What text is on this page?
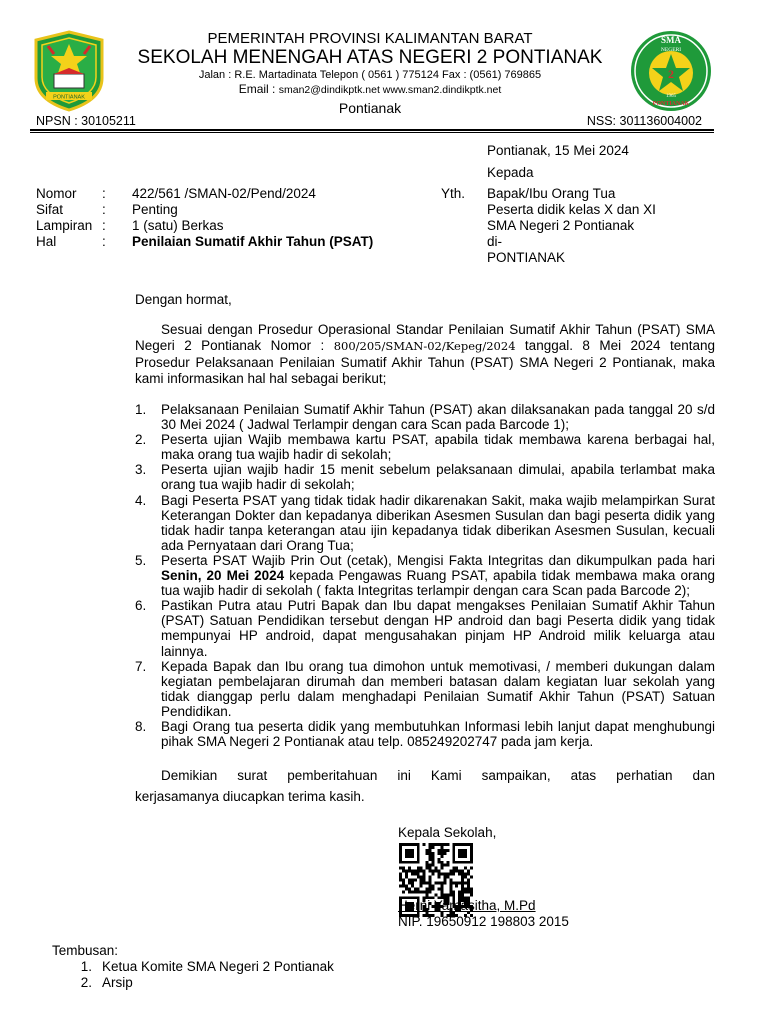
PONTIANAK
PEMERINTAH PROVINSI KALIMANTAN BARAT
SEKOLAH MENENGAH ATAS NEGERI 2 PONTIANAK
Jalan : R.E. Martadinata Telepon ( 0561 ) 775124 Fax : (0561) 769865
Email : sman2@dindikptk.net www.sman2.dindikptk.net
Pontianak
SMA
NEGERI
2
1965
PONTIANAK
NPSN : 30105211	NSS: 301136004002
Pontianak, 15 Mei 2024
Kepada
Nomor	:	422/561 /SMAN-02/Pend/2024
Sifat	:	Penting
Lampiran :	1 (satu) Berkas
Hal	:	Penilaian Sumatif Akhir Tahun (PSAT)
Yth. Bapak/Ibu Orang Tua
Peserta didik kelas X dan XI
SMA Negeri 2 Pontianak
di-
PONTIANAK
Dengan hormat,
Sesuai dengan Prosedur Operasional Standar Penilaian Sumatif Akhir Tahun (PSAT) SMA Negeri 2 Pontianak Nomor : 800/205/SMAN-02/Kepeg/2024 tanggal. 8 Mei 2024 tentang Prosedur Pelaksanaan Penilaian Sumatif Akhir Tahun (PSAT) SMA Negeri 2 Pontianak, maka kami informasikan hal hal sebagai berikut;
1.	Pelaksanaan Penilaian Sumatif Akhir Tahun (PSAT) akan dilaksanakan pada tanggal 20 s/d 30 Mei 2024 ( Jadwal Terlampir dengan cara Scan pada Barcode 1);
2.	Peserta ujian Wajib membawa kartu PSAT, apabila tidak membawa karena berbagai hal, maka orang tua wajib hadir di sekolah;
3.	Peserta ujian wajib hadir 15 menit sebelum pelaksanaan dimulai, apabila terlambat maka orang tua wajib hadir di sekolah;
4.	Bagi Peserta PSAT yang tidak tidak hadir dikarenakan Sakit, maka wajib melampirkan Surat Keterangan Dokter dan kepadanya diberikan Asesmen Susulan dan bagi peserta didik yang tidak hadir tanpa keterangan atau ijin kepadanya tidak diberikan Asesmen Susulan, kecuali ada Pernyataan dari Orang Tua;
5.	Peserta PSAT Wajib Prin Out (cetak), Mengisi Fakta Integritas dan dikumpulkan pada hari Senin, 20 Mei 2024 kepada Pengawas Ruang PSAT, apabila tidak membawa maka orang tua wajib hadir di sekolah ( fakta Integritas terlampir dengan cara Scan pada Barcode 2);
6.	Pastikan Putra atau Putri Bapak dan Ibu dapat mengakses Penilaian Sumatif Akhir Tahun (PSAT) Satuan Pendidikan tersebut dengan HP android dan bagi Peserta didik yang tidak mempunyai HP android, dapat mengusahakan pinjam HP Android milik keluarga atau lainnya.
7.	Kepada Bapak dan Ibu orang tua dimohon untuk memotivasi, / memberi dukungan dalam kegiatan pembelajaran dirumah dan memberi batasan dalam kegiatan luar sekolah yang tidak dianggap perlu dalam menghadapi Penilaian Sumatif Akhir Tahun (PSAT) Satuan Pendidikan.
8.	Bagi Orang tua peserta didik yang membutuhkan Informasi lebih lanjut dapat menghubungi pihak SMA Negeri 2 Pontianak atau telp. 085249202747 pada jam kerja.
Demikian surat pemberitahuan ini Kami sampaikan, atas perhatian dan
kerjasamanya diucapkan terima kasih.
Kepala Sekolah,
Herni Yamasitha, M.Pd
NIP. 19650912 198803 2015
Tembusan:
1. Ketua Komite SMA Negeri 2 Pontianak
2. Arsip
